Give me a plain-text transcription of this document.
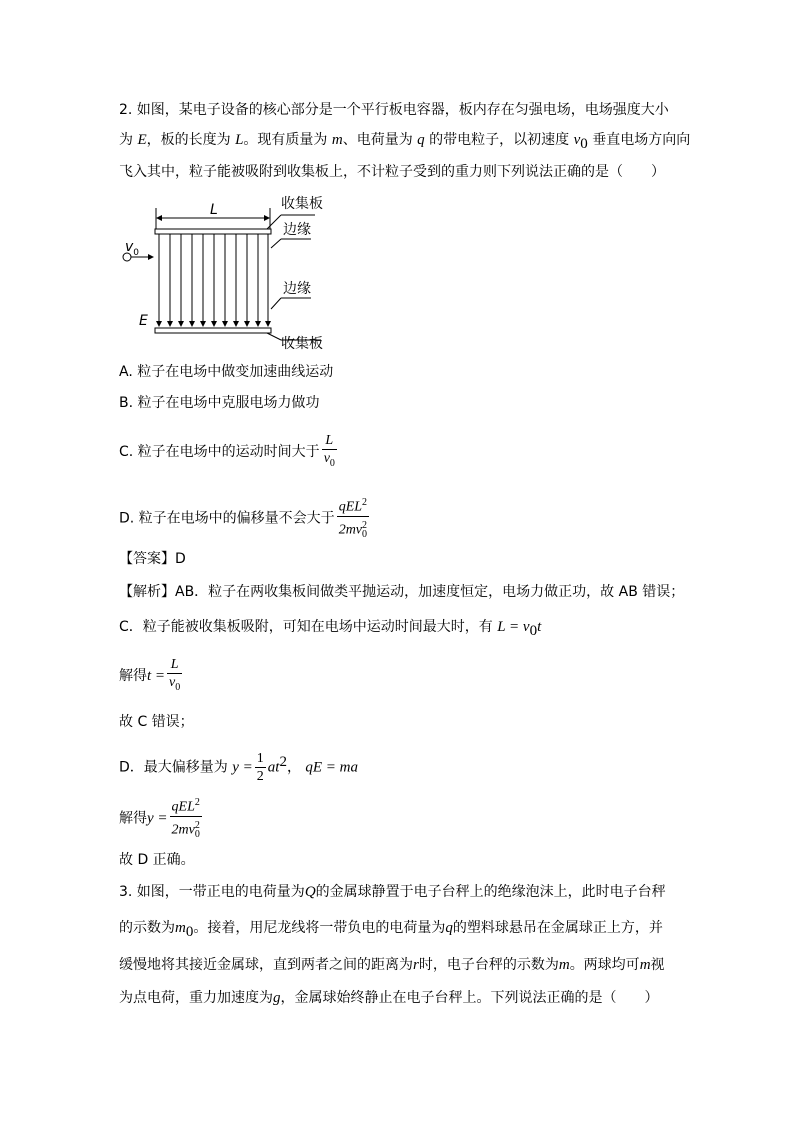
2. 如图，某电子设备的核心部分是一个平行板电容器，板内存在匀强电场，电场强度大小
为 E，板的长度为 L。现有质量为 m、电荷量为 q 的带电粒子，以初速度 $v_0$ 垂直电场方向向
飞入其中，粒子能被吸附到收集板上，不计粒子受到的重力则下列说法正确的是（　　）
L
$v_0$
E
收集板
边缘
边缘
收集板
A. 粒子在电场中做变加速曲线运动
B. 粒子在电场中克服电场力做功
C. 粒子在电场中的运动时间大于 $\frac{L}{v_0}$
D. 粒子在电场中的偏移量不会大于 $\frac{qEL^2}{2mv^2_0}$
【答案】D
【解析】AB．粒子在两收集板间做类平抛运动，加速度恒定，电场力做正功，故 AB 错误；
C．粒子能被收集板吸附，可知在电场中运动时间最大时，有 $L = v_0t$
解得$t = \frac{L}{v_0}$
故 C 错误；
D．最大偏移量为 $y = \frac{1}{2} at^2$， qE = ma
解得$y = \frac{qEL^2}{2mv^2_0}$
故 D 正确。
3. 如图，一带正电的电荷量为Q的金属球静置于电子台秤上的绝缘泡沫上，此时电子台秤
的示数为$m_0$。接着，用尼龙线将一带负电的电荷量为q的塑料球悬吊在金属球正上方，并
缓慢地将其接近金属球，直到两者之间的距离为r时，电子台秤的示数为m。两球均可m视
为点电荷，重力加速度为g，金属球始终静止在电子台秤上。下列说法正确的是（　　）
